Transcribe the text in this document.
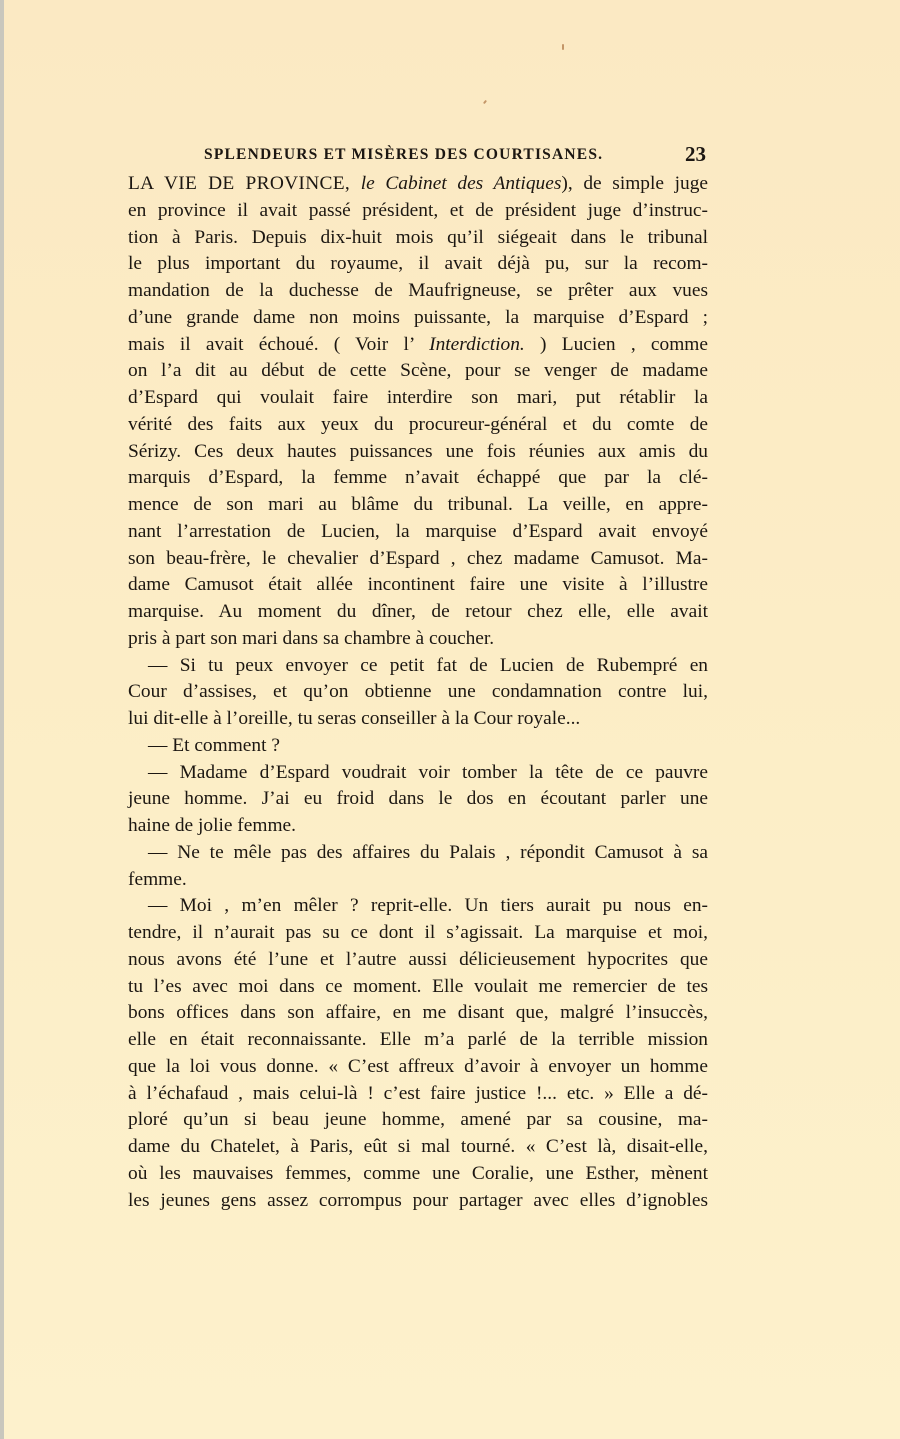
SPLENDEURS ET MISÈRES DES COURTISANES.	23
LA VIE DE PROVINCE, le Cabinet des Antiques), de simple juge
en province il avait passé président, et de président juge d’instruc-
tion à Paris. Depuis dix-huit mois qu’il siégeait dans le tribunal
le plus important du royaume, il avait déjà pu, sur la recom-
mandation de la duchesse de Maufrigneuse, se prêter aux vues
d’une grande dame non moins puissante, la marquise d’Espard ;
mais il avait échoué. ( Voir l’ Interdiction. ) Lucien , comme
on l’a dit au début de cette Scène, pour se venger de madame
d’Espard qui voulait faire interdire son mari, put rétablir la
vérité des faits aux yeux du procureur-général et du comte de
Sérizy. Ces deux hautes puissances une fois réunies aux amis du
marquis d’Espard, la femme n’avait échappé que par la clé-
mence de son mari au blâme du tribunal. La veille, en appre-
nant l’arrestation de Lucien, la marquise d’Espard avait envoyé
son beau-frère, le chevalier d’Espard , chez madame Camusot. Ma-
dame Camusot était allée incontinent faire une visite à l’illustre
marquise. Au moment du dîner, de retour chez elle, elle avait
pris à part son mari dans sa chambre à coucher.
— Si tu peux envoyer ce petit fat de Lucien de Rubempré en
Cour d’assises, et qu’on obtienne une condamnation contre lui,
lui dit-elle à l’oreille, tu seras conseiller à la Cour royale...
— Et comment ?
— Madame d’Espard voudrait voir tomber la tête de ce pauvre
jeune homme. J’ai eu froid dans le dos en écoutant parler une
haine de jolie femme.
— Ne te mêle pas des affaires du Palais , répondit Camusot à sa
femme.
— Moi , m’en mêler ? reprit-elle. Un tiers aurait pu nous en-
tendre, il n’aurait pas su ce dont il s’agissait. La marquise et moi,
nous avons été l’une et l’autre aussi délicieusement hypocrites que
tu l’es avec moi dans ce moment. Elle voulait me remercier de tes
bons offices dans son affaire, en me disant que, malgré l’insuccès,
elle en était reconnaissante. Elle m’a parlé de la terrible mission
que la loi vous donne. « C’est affreux d’avoir à envoyer un homme
à l’échafaud , mais celui-là ! c’est faire justice !... etc. » Elle a dé-
ploré qu’un si beau jeune homme, amené par sa cousine, ma-
dame du Chatelet, à Paris, eût si mal tourné. « C’est là, disait-elle,
où les mauvaises femmes, comme une Coralie, une Esther, mènent
les jeunes gens assez corrompus pour partager avec elles d’ignobles
